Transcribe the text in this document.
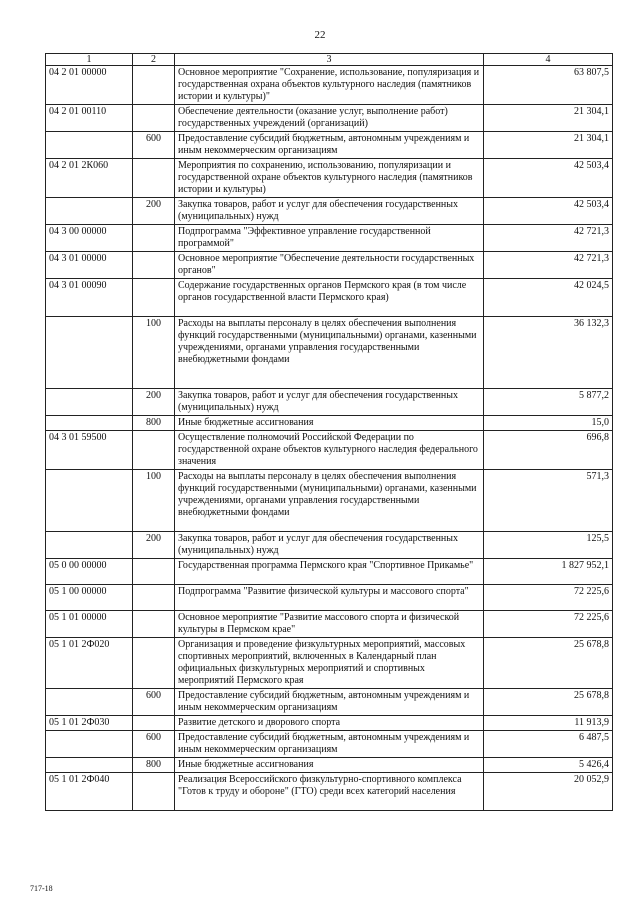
22
1	2	3	4
04 2 01 00000		Основное мероприятие "Сохранение, использование, популяризация и государственная охрана объектов культурного наследия (памятников истории и культуры)"	63 807,5
04 2 01 00110		Обеспечение деятельности (оказание услуг, выполнение работ) государственных учреждений (организаций)	21 304,1
	600	Предоставление субсидий бюджетным, автономным учреждениям и иным некоммерческим организациям	21 304,1
04 2 01 2К060		Мероприятия по сохранению, использованию, популяризации и государственной охране объектов культурного наследия (памятников истории и культуры)	42 503,4
	200	Закупка товаров, работ и услуг для обеспечения государственных (муниципальных) нужд	42 503,4
04 3 00 00000		Подпрограмма "Эффективное управление государственной программой"	42 721,3
04 3 01 00000		Основное мероприятие "Обеспечение деятельности государственных органов"	42 721,3
04 3 01 00090		Содержание государственных органов Пермского края (в том числе органов государственной власти Пермского края)	42 024,5
	100	Расходы на выплаты персоналу в целях обеспечения выполнения функций государственными (муниципальными) органами, казенными учреждениями, органами управления государственными внебюджетными фондами	36 132,3
	200	Закупка товаров, работ и услуг для обеспечения государственных (муниципальных) нужд	5 877,2
	800	Иные бюджетные ассигнования	15,0
04 3 01 59500		Осуществление полномочий Российской Федерации по государственной охране объектов культурного наследия федерального значения	696,8
	100	Расходы на выплаты персоналу в целях обеспечения выполнения функций государственными (муниципальными) органами, казенными учреждениями, органами управления государственными внебюджетными фондами	571,3
	200	Закупка товаров, работ и услуг для обеспечения государственных (муниципальных) нужд	125,5
05 0 00 00000		Государственная программа Пермского края "Спортивное Прикамье"	1 827 952,1
05 1 00 00000		Подпрограмма "Развитие физической культуры и массового спорта"	72 225,6
05 1 01 00000		Основное мероприятие "Развитие массового спорта и физической культуры в Пермском крае"	72 225,6
05 1 01 2Ф020		Организация и проведение физкультурных мероприятий, массовых спортивных мероприятий, включенных в Календарный план официальных физкультурных мероприятий и спортивных мероприятий Пермского края	25 678,8
	600	Предоставление субсидий бюджетным, автономным учреждениям и иным некоммерческим организациям	25 678,8
05 1 01 2Ф030		Развитие детского и дворового спорта	11 913,9
	600	Предоставление субсидий бюджетным, автономным учреждениям и иным некоммерческим организациям	6 487,5
	800	Иные бюджетные ассигнования	5 426,4
05 1 01 2Ф040		Реализация Всероссийского физкультурно-спортивного комплекса "Готов к труду и обороне" (ГТО) среди всех категорий населения	20 052,9
717-18
